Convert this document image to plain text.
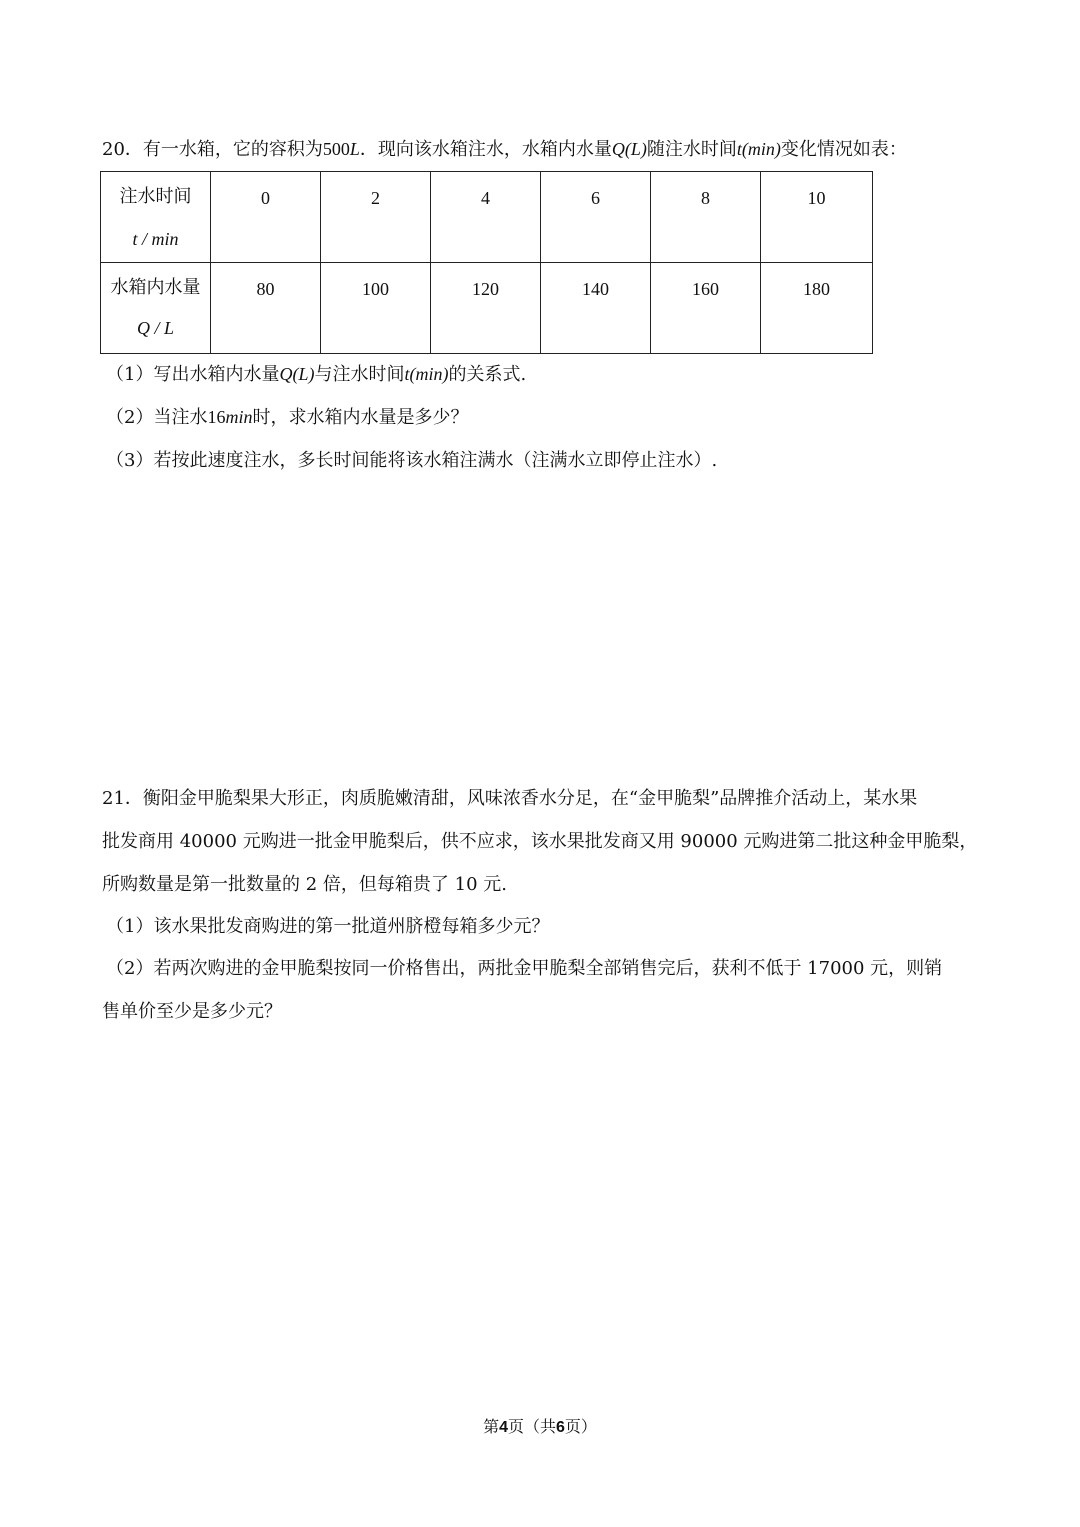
20．有一水箱，它的容积为500L．现向该水箱注水，水箱内水量Q(L)随注水时间t(min)变化情况如表：
注水时间
t / min	0	2	4	6	8	10

水箱内水量
Q / L	80	100	120	140	160	180
（1）写出水箱内水量Q(L)与注水时间t(min)的关系式.
（2）当注水16min时，求水箱内水量是多少？
（3）若按此速度注水，多长时间能将该水箱注满水（注满水立即停止注水）.
21．衡阳金甲脆梨果大形正，肉质脆嫩清甜，风味浓香水分足，在“金甲脆梨”品牌推介活动上，某水果
批发商用 40000 元购进一批金甲脆梨后，供不应求，该水果批发商又用 90000 元购进第二批这种金甲脆梨，
所购数量是第一批数量的 2 倍，但每箱贵了 10 元.
（1）该水果批发商购进的第一批道州脐橙每箱多少元？
（2）若两次购进的金甲脆梨按同一价格售出，两批金甲脆梨全部销售完后，获利不低于 17000 元，则销
售单价至少是多少元？
第4页（共6页）
